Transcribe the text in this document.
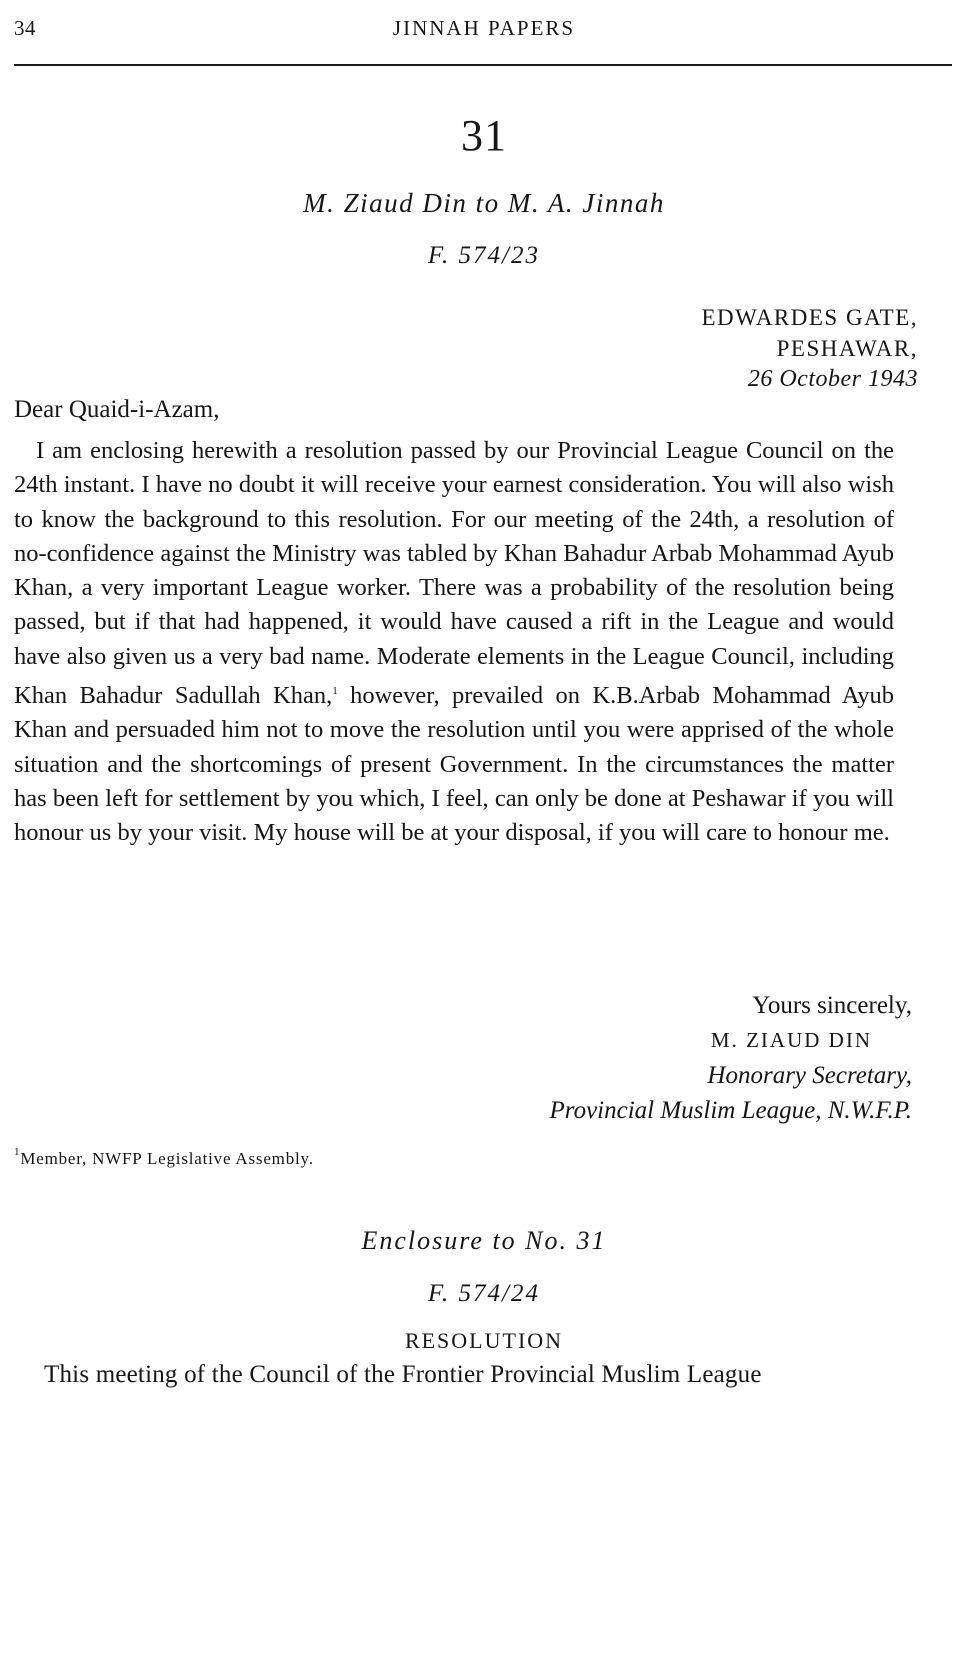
34	JINNAH PAPERS
31
M. Ziaud Din to M. A. Jinnah
F. 574/23
EDWARDES GATE,
PESHAWAR,
26 October 1943
Dear Quaid-i-Azam,

I am enclosing herewith a resolution passed by our Provincial League Council on the 24th instant. I have no doubt it will receive your earnest consideration. You will also wish to know the background to this resolution. For our meeting of the 24th, a resolution of no-confidence against the Ministry was tabled by Khan Bahadur Arbab Mohammad Ayub Khan, a very important League worker. There was a probability of the resolution being passed, but if that had happened, it would have caused a rift in the League and would have also given us a very bad name. Moderate elements in the League Council, including Khan Bahadur Sadullah Khan,$^1$ however, prevailed on K.B.Arbab Mohammad Ayub Khan and persuaded him not to move the resolution until you were apprised of the whole situation and the shortcomings of present Government. In the circumstances the matter has been left for settlement by you which, I feel, can only be done at Peshawar if you will honour us by your visit. My house will be at your disposal, if you will care to honour me.

Yours sincerely,
M. ZIAUD DIN
Honorary Secretary,
Provincial Muslim League, N.W.F.P.
$^1$Member, NWFP Legislative Assembly.
Enclosure to No. 31
F. 574/24
RESOLUTION
This meeting of the Council of the Frontier Provincial Muslim League
